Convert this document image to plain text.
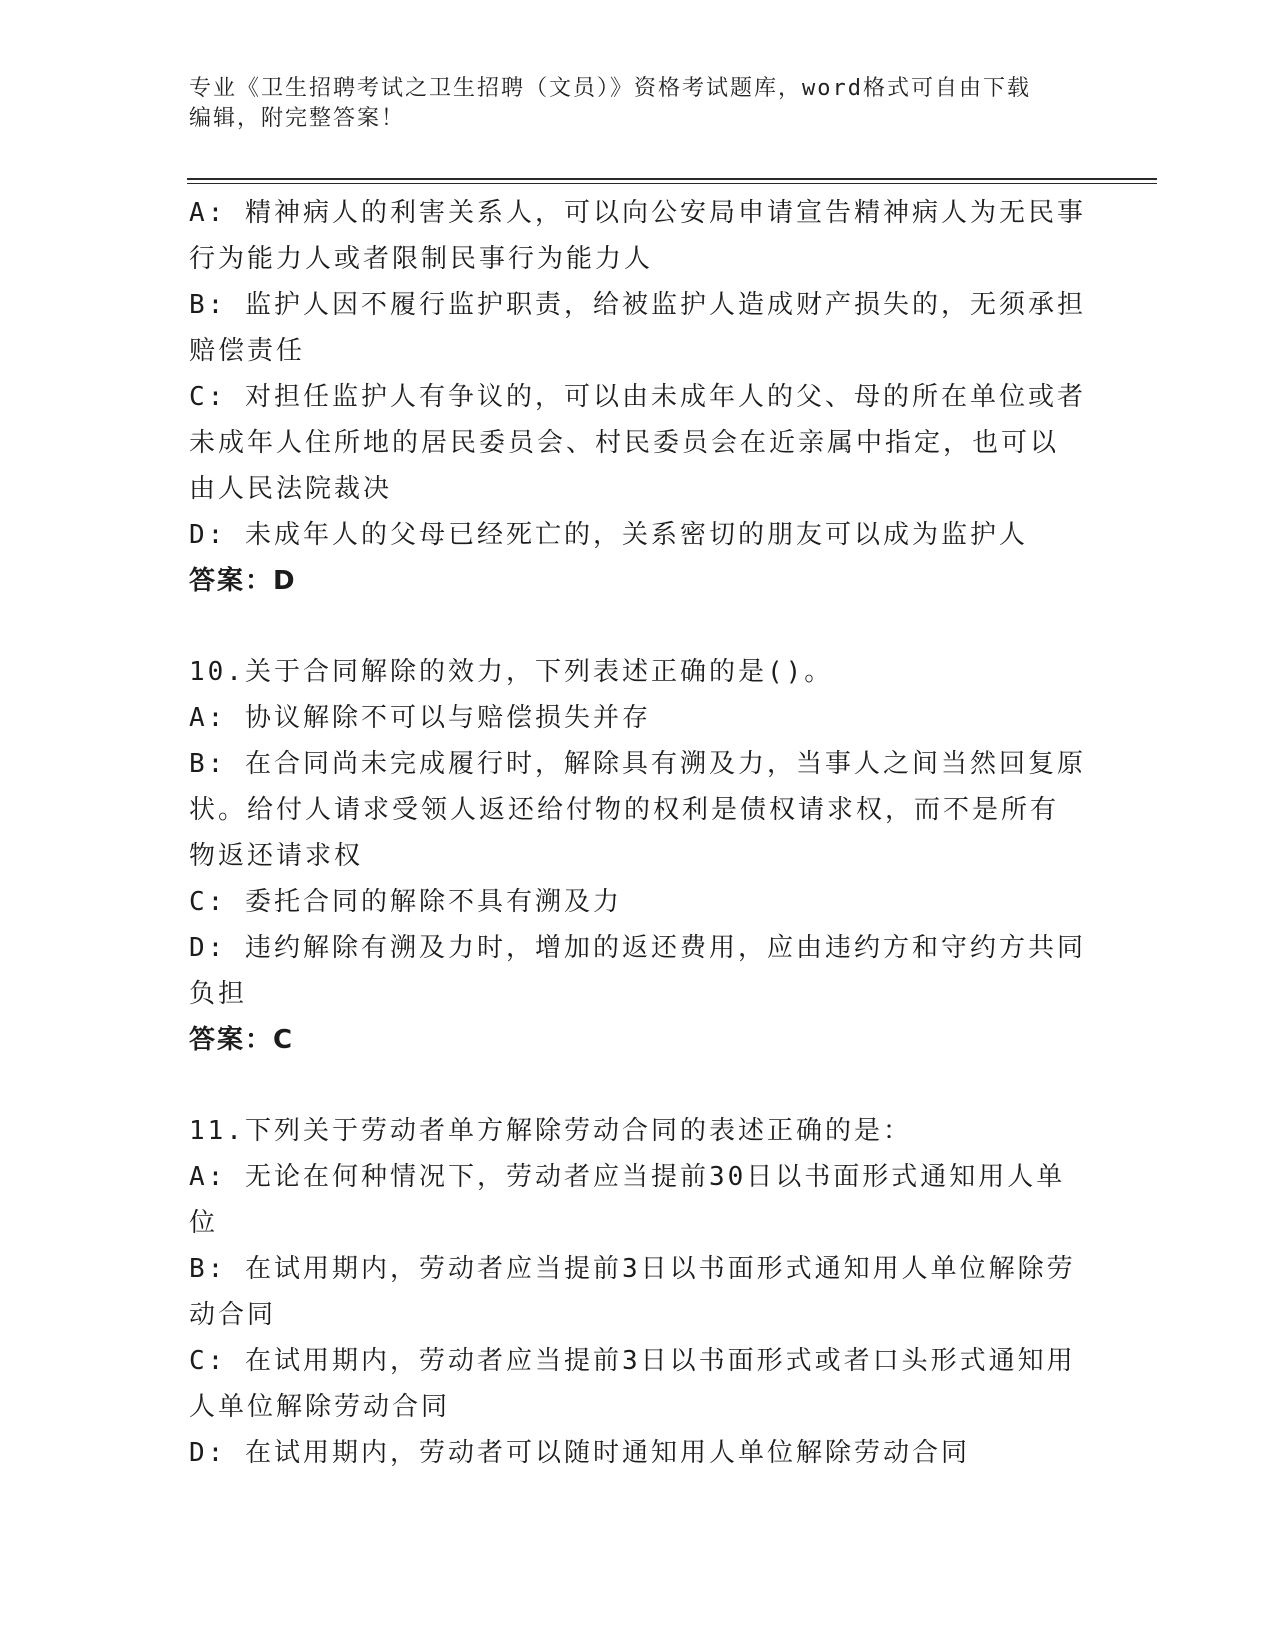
专业《卫生招聘考试之卫生招聘（文员）》资格考试题库，word格式可自由下载
编辑，附完整答案！
A: 精神病人的利害关系人，可以向公安局申请宣告精神病人为无民事
行为能力人或者限制民事行为能力人
B: 监护人因不履行监护职责，给被监护人造成财产损失的，无须承担
赔偿责任
C: 对担任监护人有争议的，可以由未成年人的父、母的所在单位或者
未成年人住所地的居民委员会、村民委员会在近亲属中指定，也可以
由人民法院裁决
D: 未成年人的父母已经死亡的，关系密切的朋友可以成为监护人
答案：D
10.关于合同解除的效力，下列表述正确的是()。
A: 协议解除不可以与赔偿损失并存
B: 在合同尚未完成履行时，解除具有溯及力，当事人之间当然回复原
状。给付人请求受领人返还给付物的权利是债权请求权，而不是所有
物返还请求权
C: 委托合同的解除不具有溯及力
D: 违约解除有溯及力时，增加的返还费用，应由违约方和守约方共同
负担
答案：C
11.下列关于劳动者单方解除劳动合同的表述正确的是：
A: 无论在何种情况下，劳动者应当提前30日以书面形式通知用人单
位
B: 在试用期内，劳动者应当提前3日以书面形式通知用人单位解除劳
动合同
C: 在试用期内，劳动者应当提前3日以书面形式或者口头形式通知用
人单位解除劳动合同
D: 在试用期内，劳动者可以随时通知用人单位解除劳动合同
